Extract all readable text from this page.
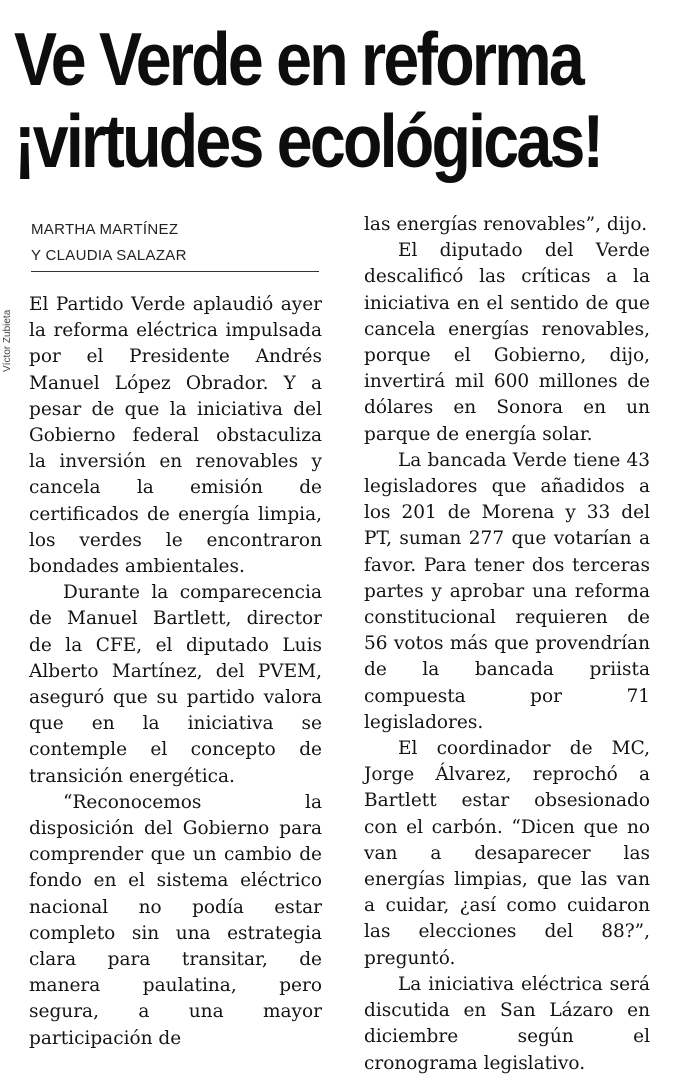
Ve Verde en reforma
¡virtudes ecológicas!
Víctor Zubieta
MARTHA MARTÍNEZ
Y CLAUDIA SALAZAR

El Partido Verde aplaudió ayer la reforma eléctrica impulsada por el Presidente Andrés Manuel López Obrador. Y a pesar de que la iniciativa del Gobierno federal obstaculiza la inversión en renovables y cancela la emisión de certificados de energía limpia, los verdes le encontraron bondades ambientales.

Durante la comparecencia de Manuel Bartlett, director de la CFE, el diputado Luis Alberto Martínez, del PVEM, aseguró que su partido valora que en la iniciativa se contemple el concepto de transición energética.

“Reconocemos la disposición del Gobierno para comprender que un cambio de fondo en el sistema eléctrico nacional no podía estar completo sin una estrategia clara para transitar, de manera paulatina, pero segura, a una mayor participación de

las energías renovables”, dijo.

El diputado del Verde descalificó las críticas a la iniciativa en el sentido de que cancela energías renovables, porque el Gobierno, dijo, invertirá mil 600 millones de dólares en Sonora en un parque de energía solar.

La bancada Verde tiene 43 legisladores que añadidos a los 201 de Morena y 33 del PT, suman 277 que votarían a favor. Para tener dos terceras partes y aprobar una reforma constitucional requieren de 56 votos más que provendrían de la bancada priista compuesta por 71 legisladores.

El coordinador de MC, Jorge Álvarez, reprochó a Bartlett estar obsesionado con el carbón. “Dicen que no van a desaparecer las energías limpias, que las van a cuidar, ¿así como cuidaron las elecciones del 88?”, preguntó.

La iniciativa eléctrica será discutida en San Lázaro en diciembre según el cronograma legislativo.
